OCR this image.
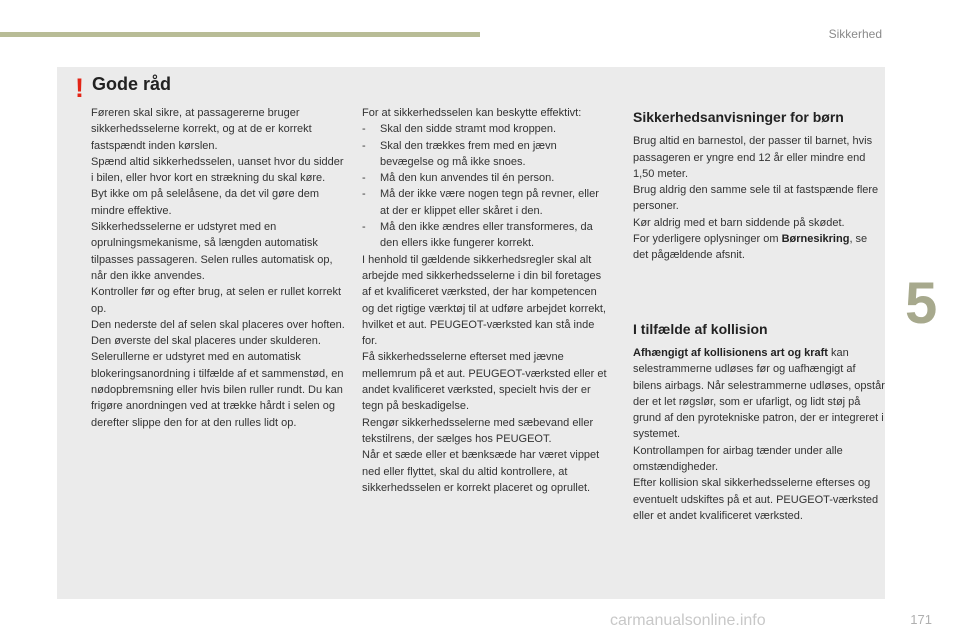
Sikkerhed
5
! Gode råd

Føreren skal sikre, at passagererne bruger sikkerhedsselerne korrekt, og at de er korrekt fastspændt inden kørslen.

Spænd altid sikkerhedsselen, uanset hvor du sidder i bilen, eller hvor kort en strækning du skal køre.

Byt ikke om på selelåsene, da det vil gøre dem mindre effektive.

Sikkerhedsselerne er udstyret med en oprulningsmekanisme, så længden automatisk tilpasses passageren. Selen rulles automatisk op, når den ikke anvendes.

Kontroller før og efter brug, at selen er rullet korrekt op.

Den nederste del af selen skal placeres over hoften.

Den øverste del skal placeres under skulderen.

Selerullerne er udstyret med en automatisk blokeringsanordning i tilfælde af et sammenstød, en nødopbremsning eller hvis bilen ruller rundt. Du kan frigøre anordningen ved at trække hårdt i selen og derefter slippe den for at den rulles lidt op.

For at sikkerhedsselen kan beskytte effektivt:

- Skal den sidde stramt mod kroppen.
- Skal den trækkes frem med en jævn bevægelse og må ikke snoes.
- Må den kun anvendes til én person.
- Må der ikke være nogen tegn på revner, eller at der er klippet eller skåret i den.
- Må den ikke ændres eller transformeres, da den ellers ikke fungerer korrekt.

I henhold til gældende sikkerhedsregler skal alt arbejde med sikkerhedsselerne i din bil foretages af et kvalificeret værksted, der har kompetencen og det rigtige værktøj til at udføre arbejdet korrekt, hvilket et aut. PEUGEOT-værksted kan stå inde for.

Få sikkerhedsselerne efterset med jævne mellemrum på et aut. PEUGEOT-værksted eller et andet kvalificeret værksted, specielt hvis der er tegn på beskadigelse.

Rengør sikkerhedsselerne med sæbevand eller tekstilrens, der sælges hos PEUGEOT.

Når et sæde eller et bænksæde har været vippet ned eller flyttet, skal du altid kontrollere, at sikkerhedsselen er korrekt placeret og oprullet.

Sikkerhedsanvisninger for børn

Brug altid en barnestol, der passer til barnet, hvis passageren er yngre end 12 år eller mindre end 1,50 meter.

Brug aldrig den samme sele til at fastspænde flere personer.

Kør aldrig med et barn siddende på skødet.

For yderligere oplysninger om Børnesikring, se det pågældende afsnit.

I tilfælde af kollision

Afhængigt af kollisionens art og kraft kan selestrammerne udløses før og uafhængigt af bilens airbags. Når selestrammerne udløses, opstår der et let røgslør, som er ufarligt, og lidt støj på grund af den pyrotekniske patron, der er integreret i systemet.

Kontrollampen for airbag tænder under alle omstændigheder.

Efter kollision skal sikkerhedsselerne efterses og eventuelt udskiftes på et aut. PEUGEOT-værksted eller et andet kvalificeret værksted.

carmanualsonline.info	171
